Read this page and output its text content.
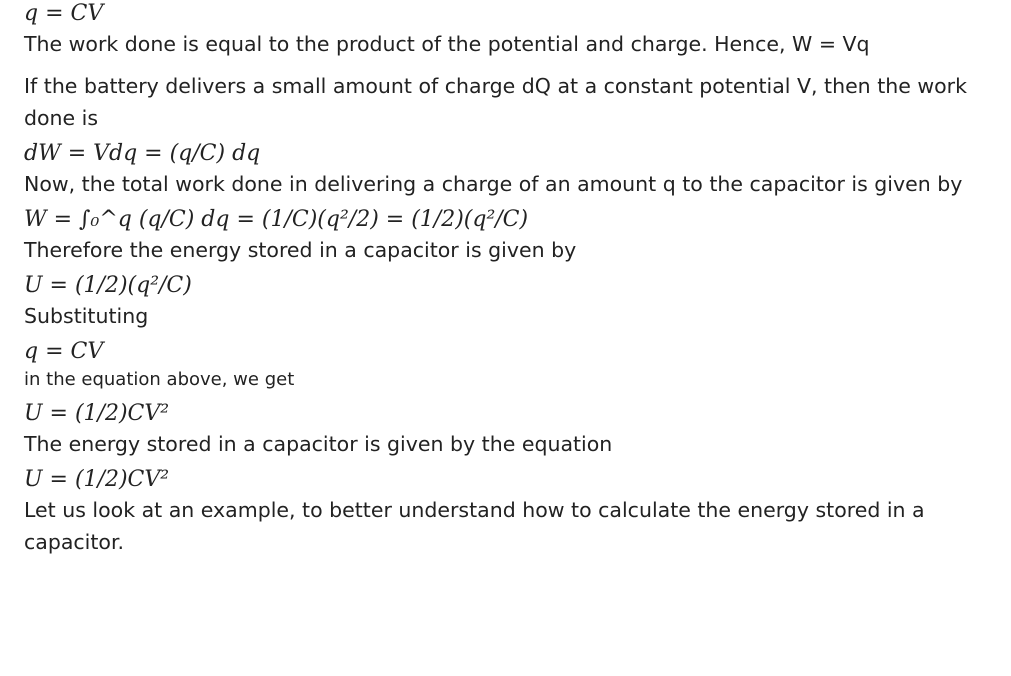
q = CV

The work done is equal to the product of the potential and charge. Hence, W = Vq

If the battery delivers a small amount of charge dQ at a constant potential V, then the work done is

dW = Vdq = (q/C) dq

Now, the total work done in delivering a charge of an amount q to the capacitor is given by

W = ∫₀^q (q/C) dq = (1/C)(q²/2) = (1/2)(q²/C)

Therefore the energy stored in a capacitor is given by

U = (1/2)(q²/C)

Substituting

q = CV

in the equation above, we get

U = (1/2)CV²

The energy stored in a capacitor is given by the equation

U = (1/2)CV²

Let us look at an example, to better understand how to calculate the energy stored in a capacitor.
